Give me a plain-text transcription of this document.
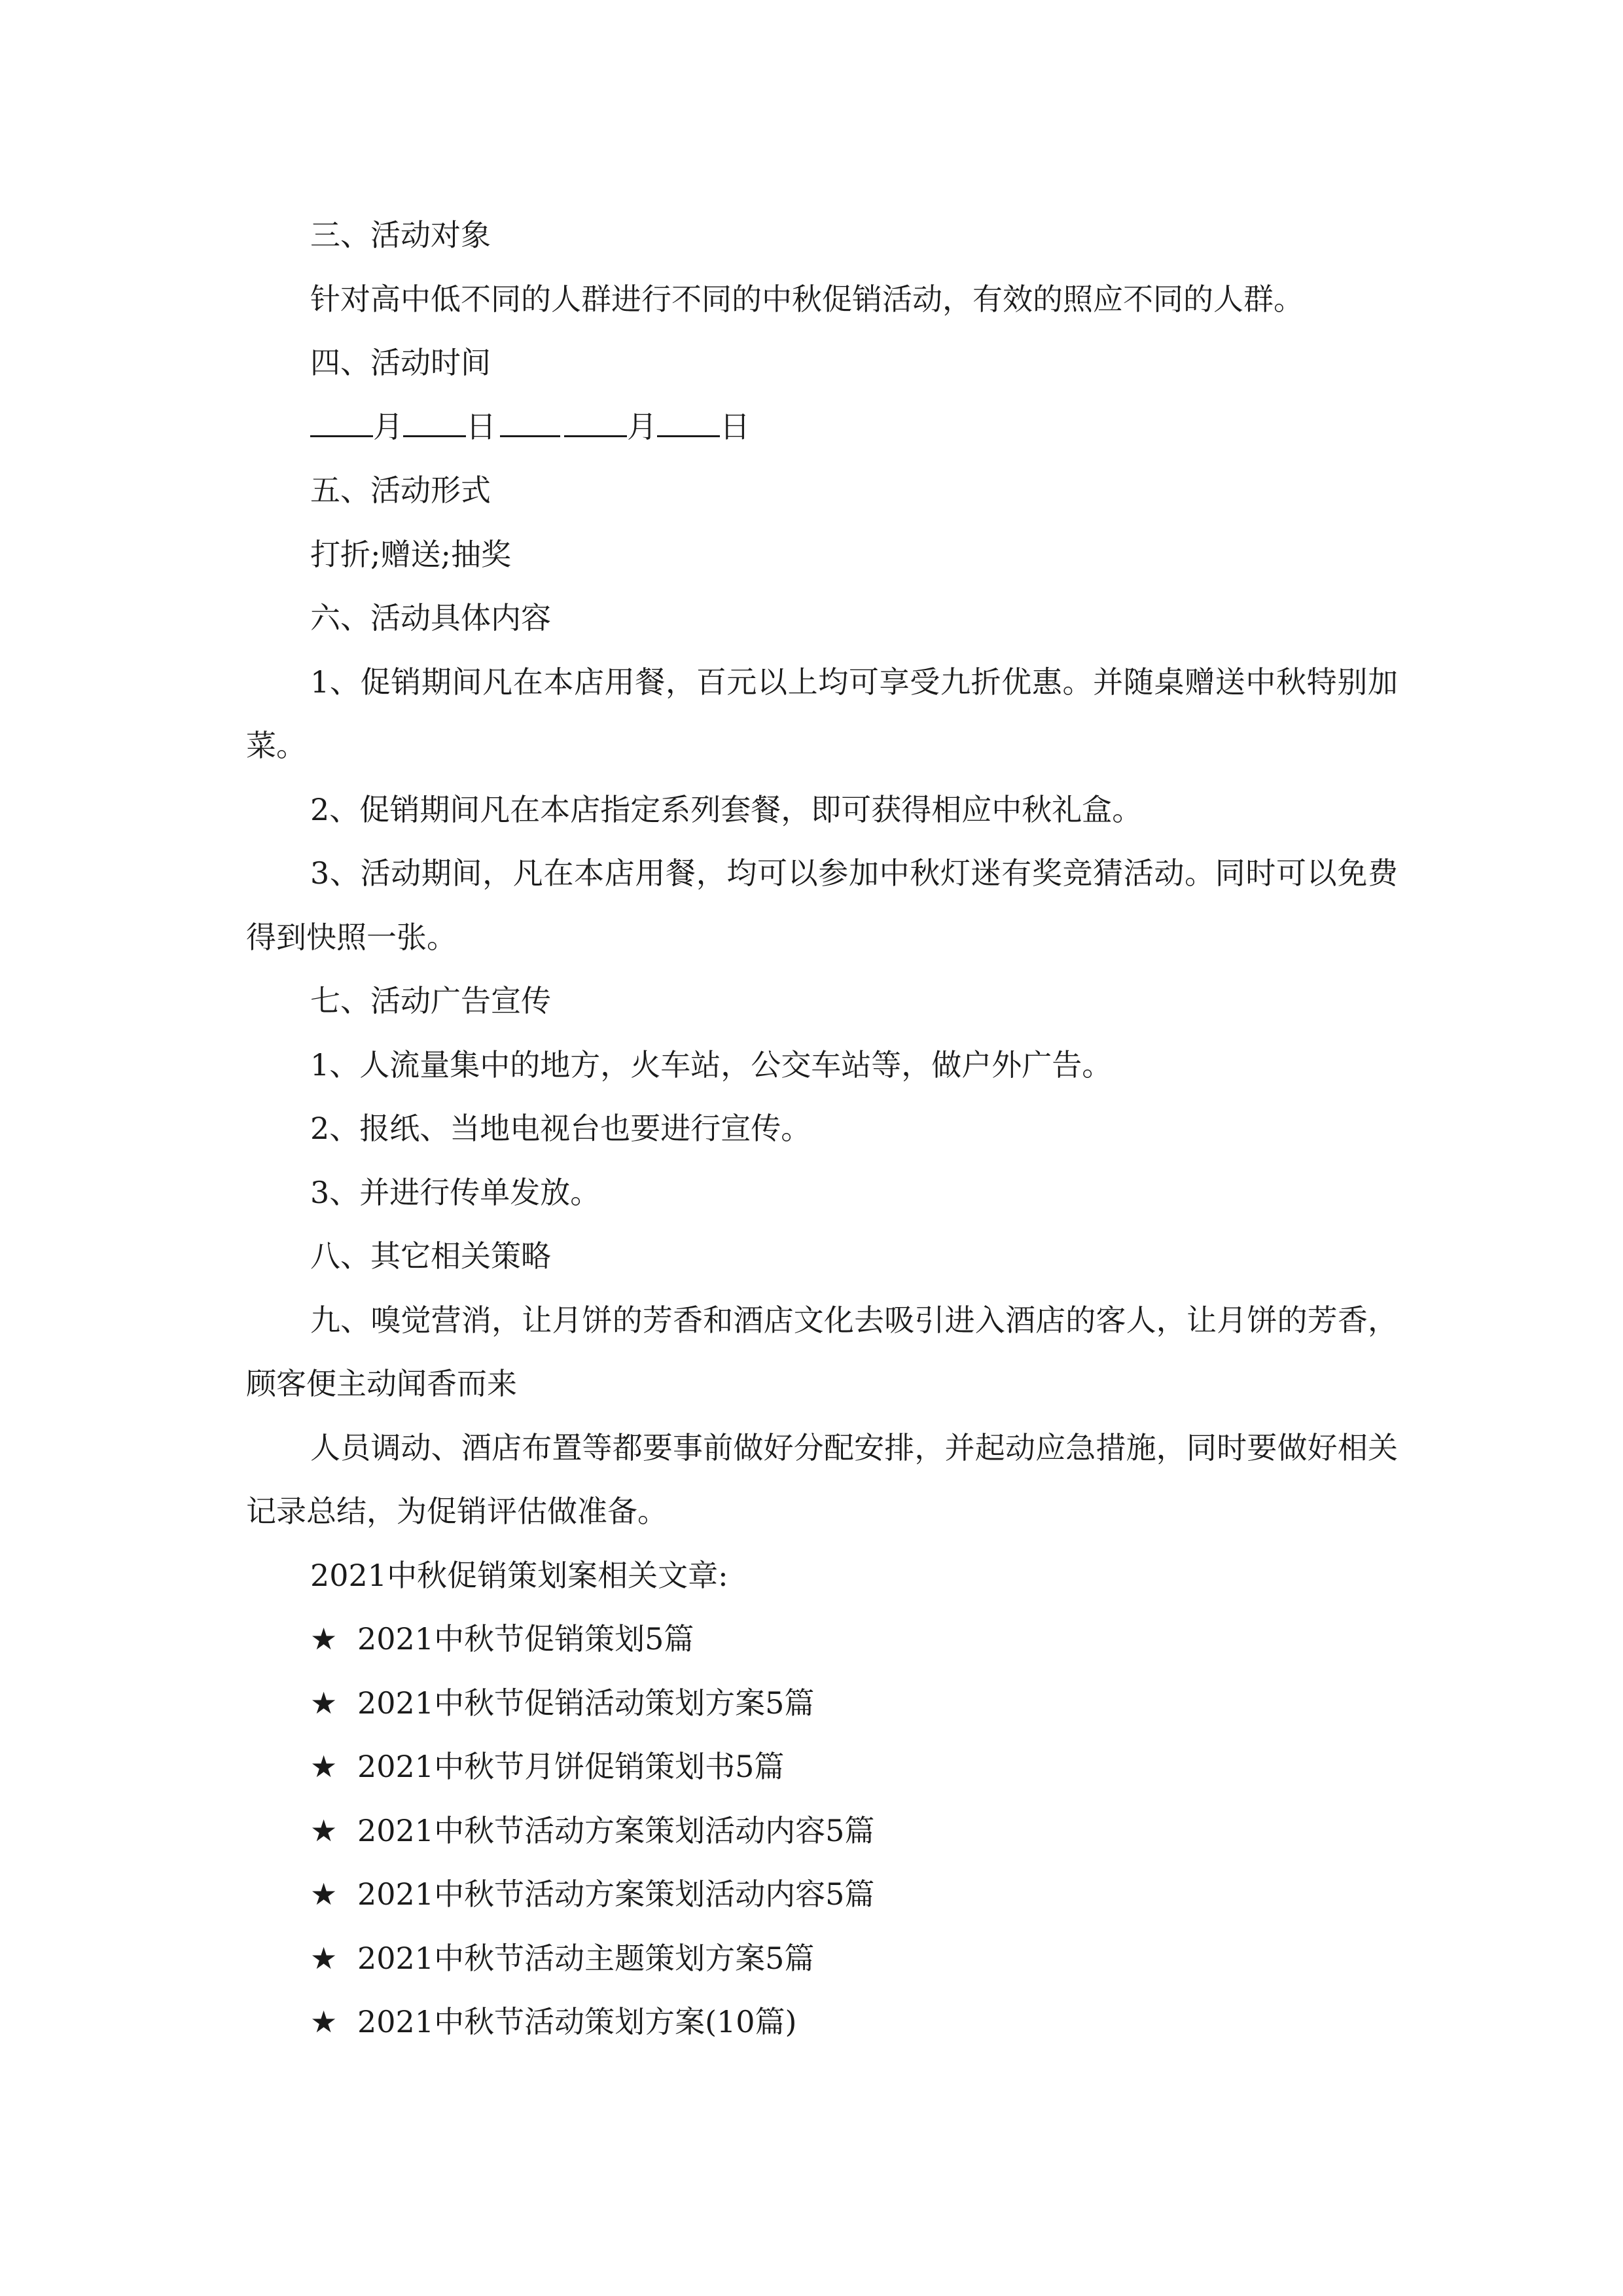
三、活动对象

针对高中低不同的人群进行不同的中秋促销活动，有效的照应不同的人群。

四、活动时间

月 日	月 日

五、活动形式

打折;赠送;抽奖

六、活动具体内容

1、促销期间凡在本店用餐，百元以上均可享受九折优惠。并随桌赠送中秋特别加菜。

2、促销期间凡在本店指定系列套餐，即可获得相应中秋礼盒。

3、活动期间，凡在本店用餐，均可以参加中秋灯迷有奖竞猜活动。同时可以免费得到快照一张。

七、活动广告宣传

1、人流量集中的地方，火车站，公交车站等，做户外广告。

2、报纸、当地电视台也要进行宣传。

3、并进行传单发放。

八、其它相关策略

九、嗅觉营消，让月饼的芳香和酒店文化去吸引进入酒店的客人，让月饼的芳香，顾客便主动闻香而来

人员调动、酒店布置等都要事前做好分配安排，并起动应急措施，同时要做好相关记录总结，为促销评估做准备。

2021中秋促销策划案相关文章:

★ 2021中秋节促销策划5篇

★ 2021中秋节促销活动策划方案5篇

★ 2021中秋节月饼促销策划书5篇

★ 2021中秋节活动方案策划活动内容5篇

★ 2021中秋节活动方案策划活动内容5篇

★ 2021中秋节活动主题策划方案5篇

★ 2021中秋节活动策划方案(10篇)
